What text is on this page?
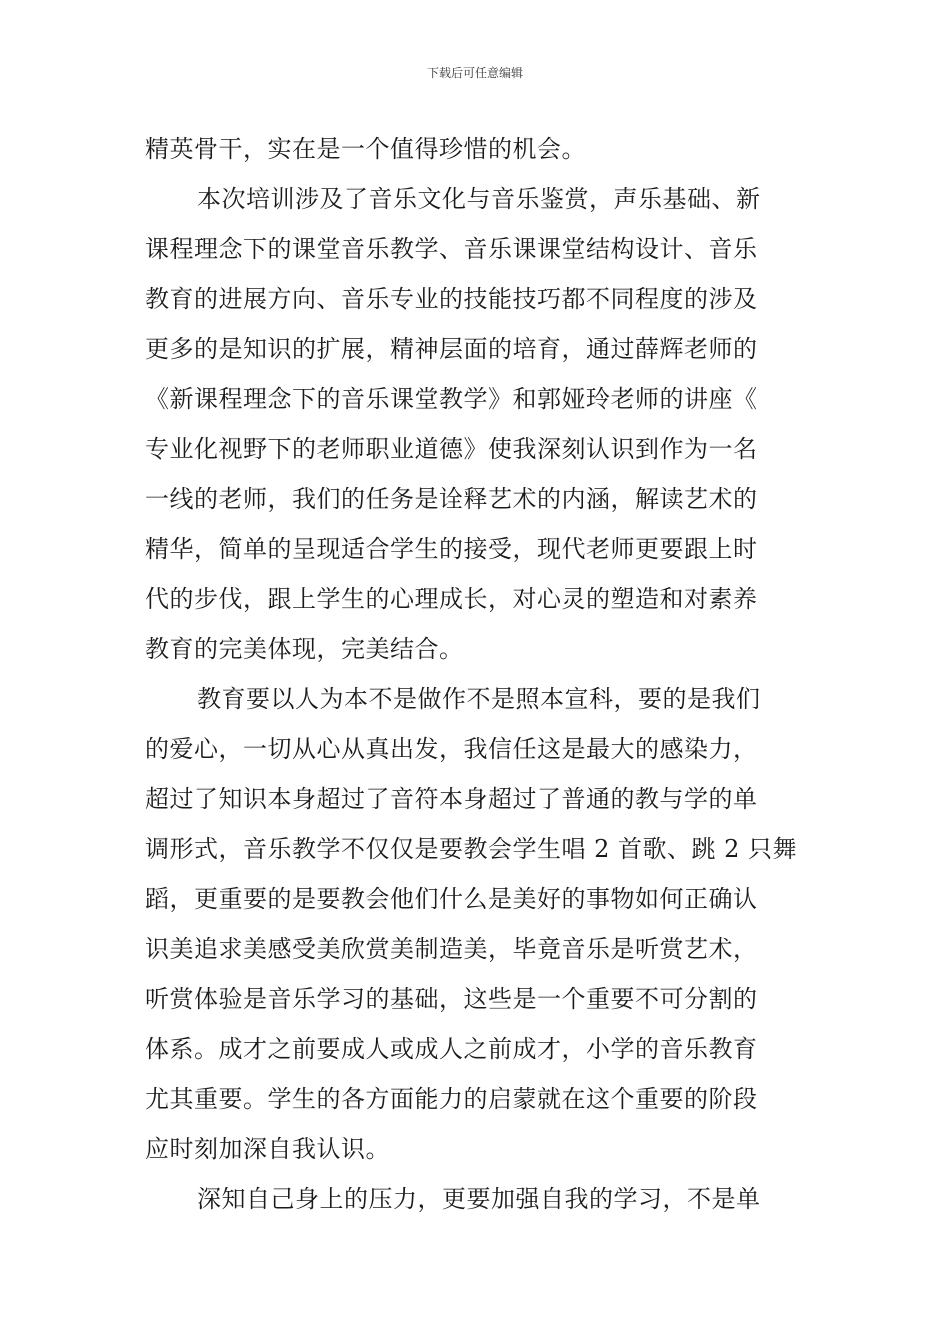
下载后可任意编辑
精英骨干，实在是一个值得珍惜的机会。
本次培训涉及了音乐文化与音乐鉴赏，声乐基础、新
课程理念下的课堂音乐教学、音乐课课堂结构设计、音乐
教育的进展方向、音乐专业的技能技巧都不同程度的涉及
更多的是知识的扩展，精神层面的培育，通过薛辉老师的
《新课程理念下的音乐课堂教学》和郭娅玲老师的讲座《
专业化视野下的老师职业道德》使我深刻认识到作为一名
一线的老师，我们的任务是诠释艺术的内涵，解读艺术的
精华，简单的呈现适合学生的接受，现代老师更要跟上时
代的步伐，跟上学生的心理成长，对心灵的塑造和对素养
教育的完美体现，完美结合。
教育要以人为本不是做作不是照本宣科，要的是我们
的爱心，一切从心从真出发，我信任这是最大的感染力，
超过了知识本身超过了音符本身超过了普通的教与学的单
调形式，音乐教学不仅仅是要教会学生唱 2 首歌、跳 2 只舞
蹈，更重要的是要教会他们什么是美好的事物如何正确认
识美追求美感受美欣赏美制造美，毕竟音乐是听赏艺术，
听赏体验是音乐学习的基础，这些是一个重要不可分割的
体系。成才之前要成人或成人之前成才，小学的音乐教育
尤其重要。学生的各方面能力的启蒙就在这个重要的阶段
应时刻加深自我认识。
深知自己身上的压力，更要加强自我的学习，不是单
